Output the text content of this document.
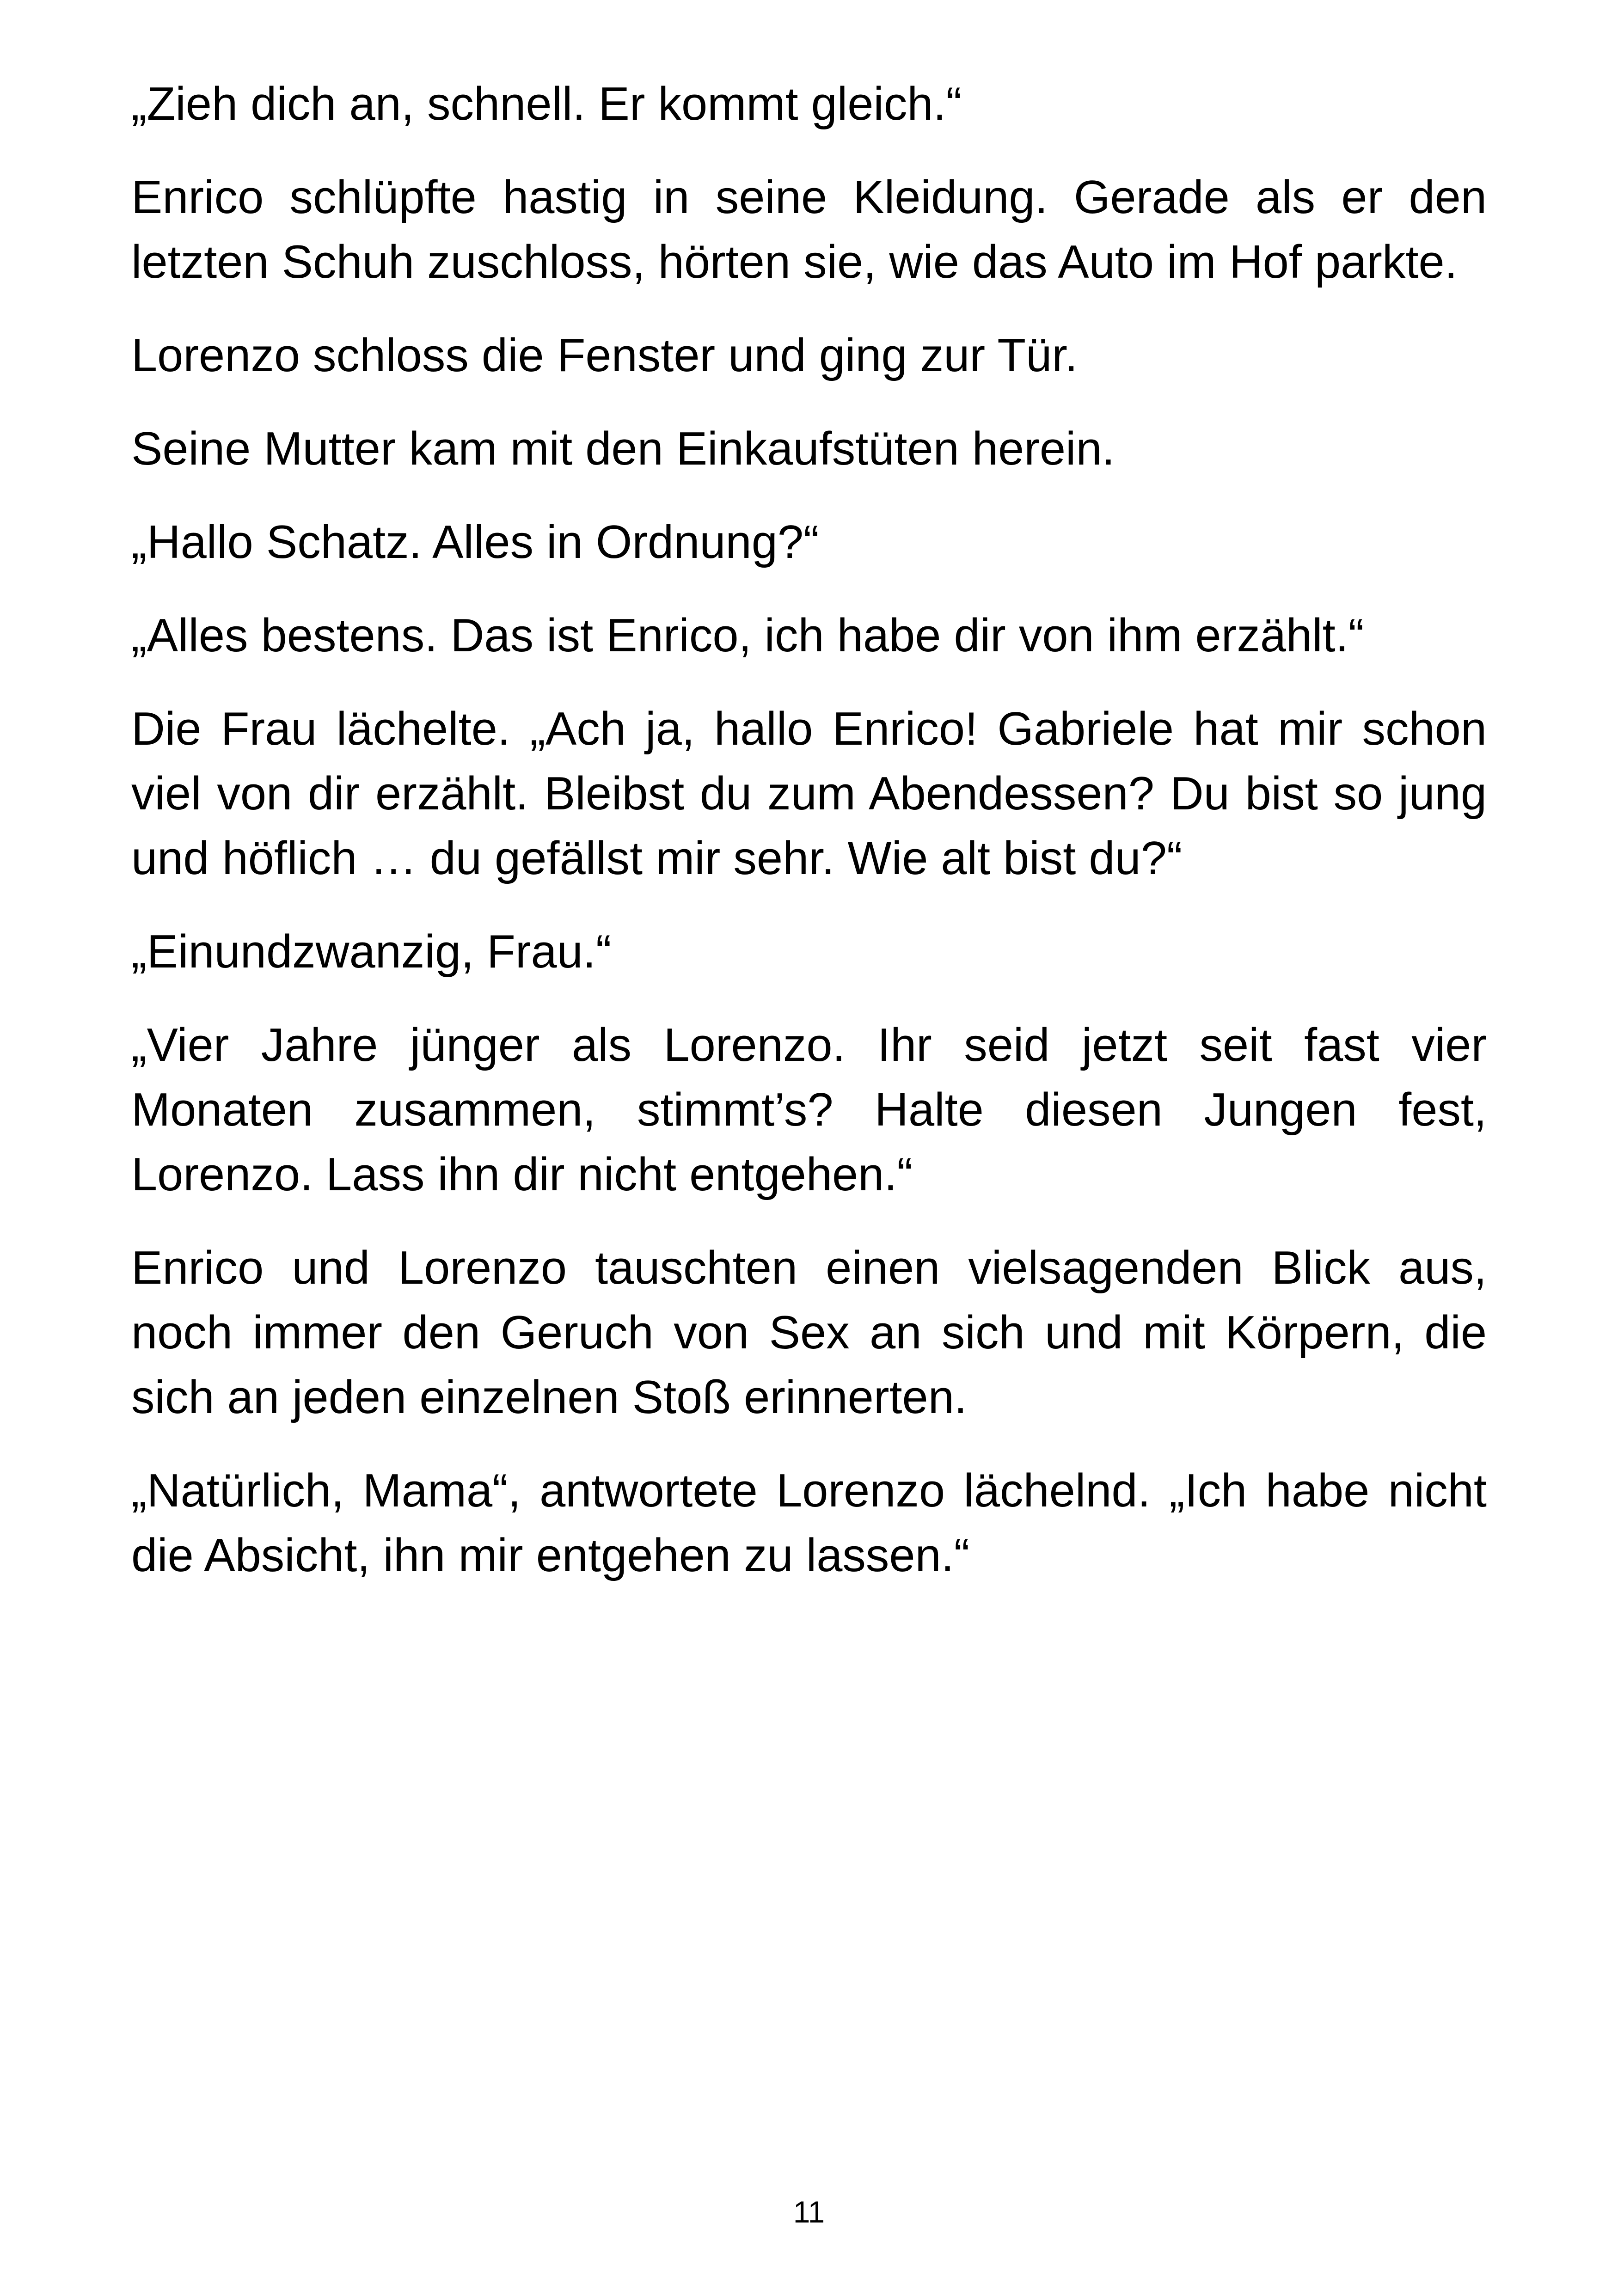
„Zieh dich an, schnell. Er kommt gleich.“

Enrico schlüpfte hastig in seine Kleidung. Gerade als er den letzten Schuh zuschloss, hörten sie, wie das Auto im Hof parkte.

Lorenzo schloss die Fenster und ging zur Tür.

Seine Mutter kam mit den Einkaufstüten herein.

„Hallo Schatz. Alles in Ordnung?“

„Alles bestens. Das ist Enrico, ich habe dir von ihm erzählt.“

Die Frau lächelte. „Ach ja, hallo Enrico! Gabriele hat mir schon viel von dir erzählt. Bleibst du zum Abendessen? Du bist so jung und höflich … du gefällst mir sehr. Wie alt bist du?“

„Einundzwanzig, Frau.“

„Vier Jahre jünger als Lorenzo. Ihr seid jetzt seit fast vier Monaten zusammen, stimmt’s? Halte diesen Jungen fest, Lorenzo. Lass ihn dir nicht entgehen.“

Enrico und Lorenzo tauschten einen vielsagenden Blick aus, noch immer den Geruch von Sex an sich und mit Körpern, die sich an jeden einzelnen Stoß erinnerten.

„Natürlich, Mama“, antwortete Lorenzo lächelnd. „Ich habe nicht die Absicht, ihn mir entgehen zu lassen.“

11
